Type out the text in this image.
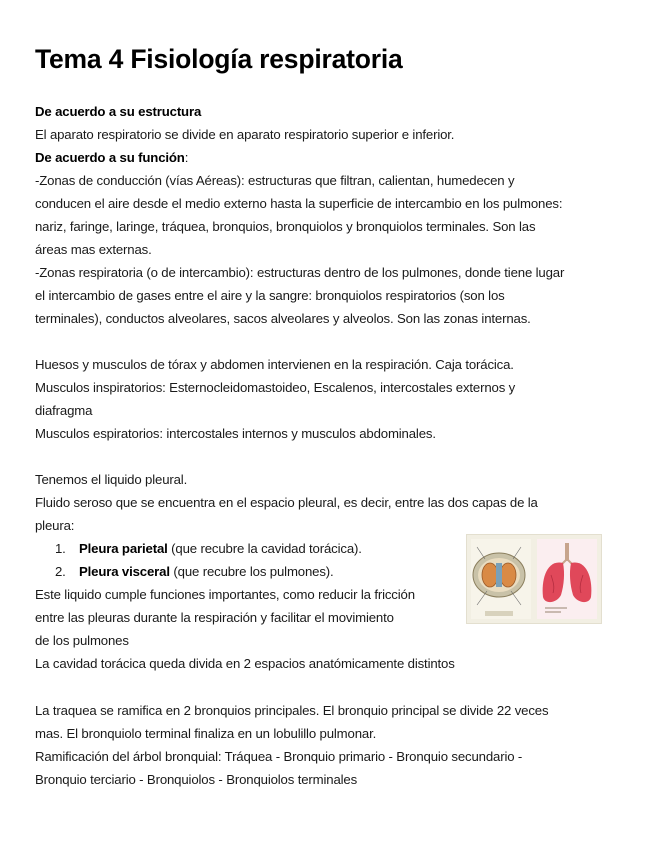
Tema 4 Fisiología respiratoria
De acuerdo a su estructura
El aparato respiratorio se divide en aparato respiratorio superior e inferior.
De acuerdo a su función:
-Zonas de conducción (vías Aéreas): estructuras que filtran, calientan, humedecen y
conducen el aire desde el medio externo hasta la superficie de intercambio en los pulmones:
nariz, faringe, laringe, tráquea, bronquios, bronquiolos y bronquiolos terminales. Son las
áreas mas externas.
-Zonas respiratoria (o de intercambio): estructuras dentro de los pulmones, donde tiene lugar
el intercambio de gases entre el aire y la sangre: bronquiolos respiratorios (son los
terminales), conductos alveolares, sacos alveolares y alveolos. Son las zonas internas.
Huesos y musculos de tórax y abdomen intervienen en la respiración. Caja torácica.
Musculos inspiratorios: Esternocleidomastoideo, Escalenos, intercostales externos y
diafragma
Musculos espiratorios: intercostales internos y musculos abdominales.
Tenemos el liquido pleural.
Fluido seroso que se encuentra en el espacio pleural, es decir, entre las dos capas de la
pleura:
1. Pleura parietal (que recubre la cavidad torácica).
2. Pleura visceral (que recubre los pulmones).
Este liquido cumple funciones importantes, como reducir la fricción
entre las pleuras durante la respiración y facilitar el movimiento
de los pulmones
La cavidad torácica queda divida en 2 espacios anatómicamente distintos
La traquea se ramifica en 2 bronquios principales. El bronquio principal se divide 22 veces
mas. El bronquiolo terminal finaliza en un lobulillo pulmonar.
Ramificación del árbol bronquial: Tráquea - Bronquio primario - Bronquio secundario -
Bronquio terciario - Bronquiolos - Bronquiolos terminales
